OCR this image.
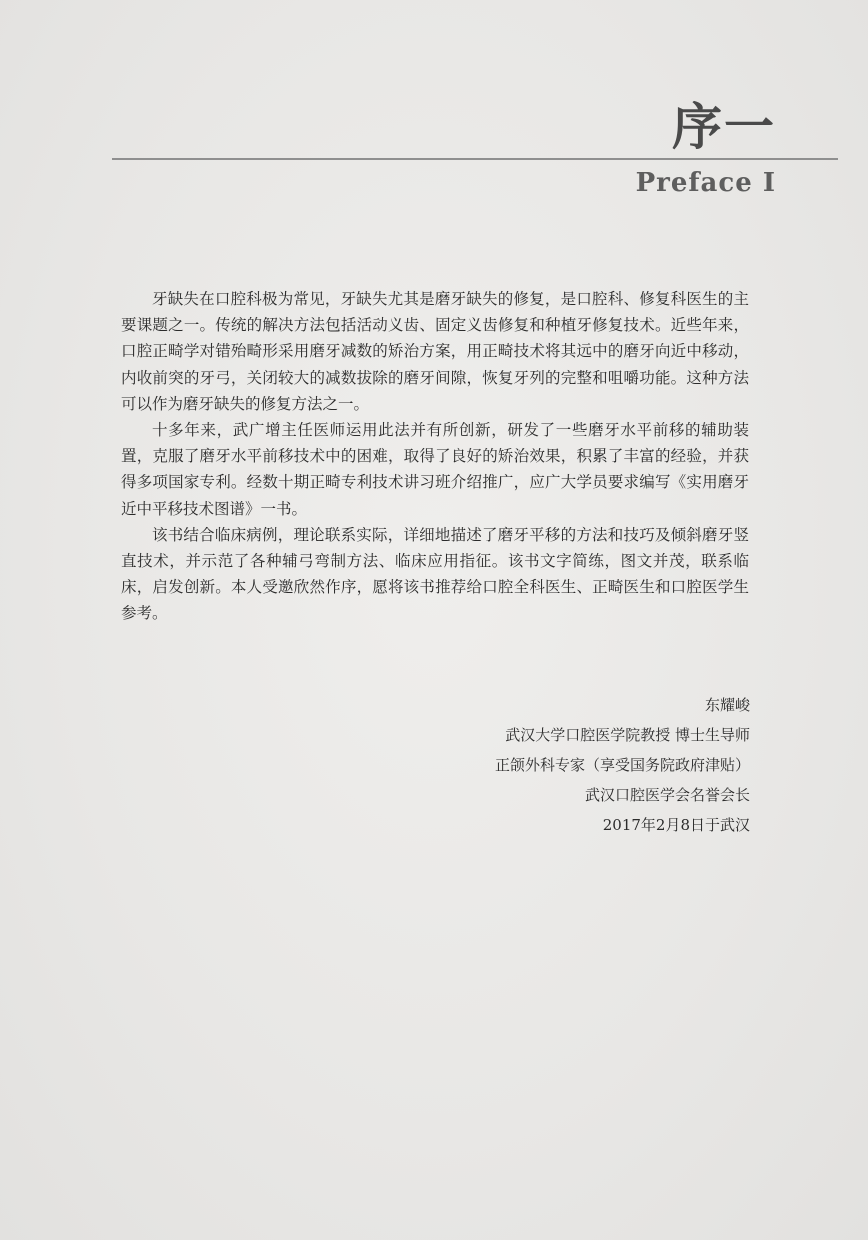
序一
Preface Ⅰ

牙缺失在口腔科极为常见，牙缺失尤其是磨牙缺失的修复，是口腔科、修复科医生的主要课题之一。传统的解决方法包括活动义齿、固定义齿修复和种植牙修复技术。近些年来，口腔正畸学对错殆畸形采用磨牙减数的矫治方案，用正畸技术将其远中的磨牙向近中移动，内收前突的牙弓，关闭较大的减数拔除的磨牙间隙，恢复牙列的完整和咀嚼功能。这种方法可以作为磨牙缺失的修复方法之一。

十多年来，武广增主任医师运用此法并有所创新，研发了一些磨牙水平前移的辅助装置，克服了磨牙水平前移技术中的困难，取得了良好的矫治效果，积累了丰富的经验，并获得多项国家专利。经数十期正畸专利技术讲习班介绍推广，应广大学员要求编写《实用磨牙近中平移技术图谱》一书。

该书结合临床病例，理论联系实际，详细地描述了磨牙平移的方法和技巧及倾斜磨牙竖直技术，并示范了各种辅弓弯制方法、临床应用指征。该书文字简练，图文并茂，联系临床，启发创新。本人受邀欣然作序，愿将该书推荐给口腔全科医生、正畸医生和口腔医学生参考。

东耀峻
武汉大学口腔医学院教授 博士生导师
正颌外科专家（享受国务院政府津贴）
武汉口腔医学会名誉会长
2017年2月8日于武汉
